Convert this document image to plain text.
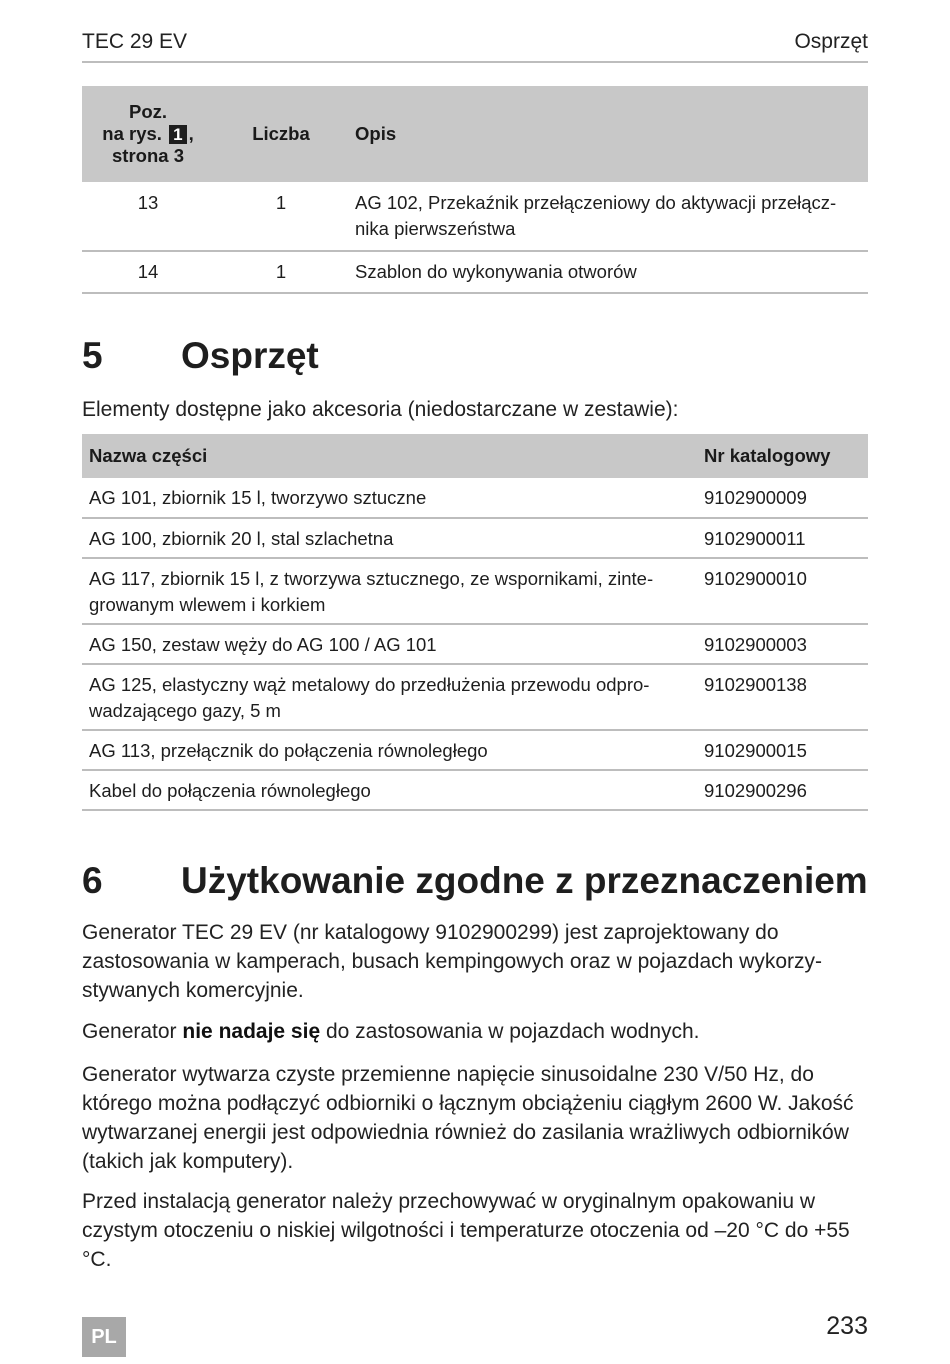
TEC 29 EV	Osprzęt
Poz.
na rys. 1 ,
strona 3	Liczba	Opis
13	1	AG 102, Przekaźnik przełączeniowy do aktywacji przełącz-nika pierwszeństwa
14	1	Szablon do wykonywania otworów
5 Osprzęt
Elementy dostępne jako akcesoria (niedostarczane w zestawie):
Nazwa części	Nr katalogowy
AG 101, zbiornik 15 l, tworzywo sztuczne	9102900009
AG 100, zbiornik 20 l, stal szlachetna	9102900011
AG 117, zbiornik 15 l, z tworzywa sztucznego, ze wspornikami, zinte-growanym wlewem i korkiem	9102900010
AG 150, zestaw węży do AG 100 / AG 101	9102900003
AG 125, elastyczny wąż metalowy do przedłużenia przewodu odpro-wadzającego gazy, 5 m	9102900138
AG 113, przełącznik do połączenia równoległego	9102900015
Kabel do połączenia równoległego	9102900296
6 Użytkowanie zgodne z przeznaczeniem
Generator TEC 29 EV (nr katalogowy 9102900299) jest zaprojektowany do zastosowania w kamperach, busach kempingowych oraz w pojazdach wykorzy-stywanych komercyjnie.
Generator nie nadaje się do zastosowania w pojazdach wodnych.
Generator wytwarza czyste przemienne napięcie sinusoidalne 230 V/50 Hz, do którego można podłączyć odbiorniki o łącznym obciążeniu ciągłym 2600 W. Jakość wytwarzanej energii jest odpowiednia również do zasilania wrażliwych odbiorników (takich jak komputery).
Przed instalacją generator należy przechowywać w oryginalnym opakowaniu w czystym otoczeniu o niskiej wilgotności i temperaturze otoczenia od –20 °C do +55 °C.
PL	233
